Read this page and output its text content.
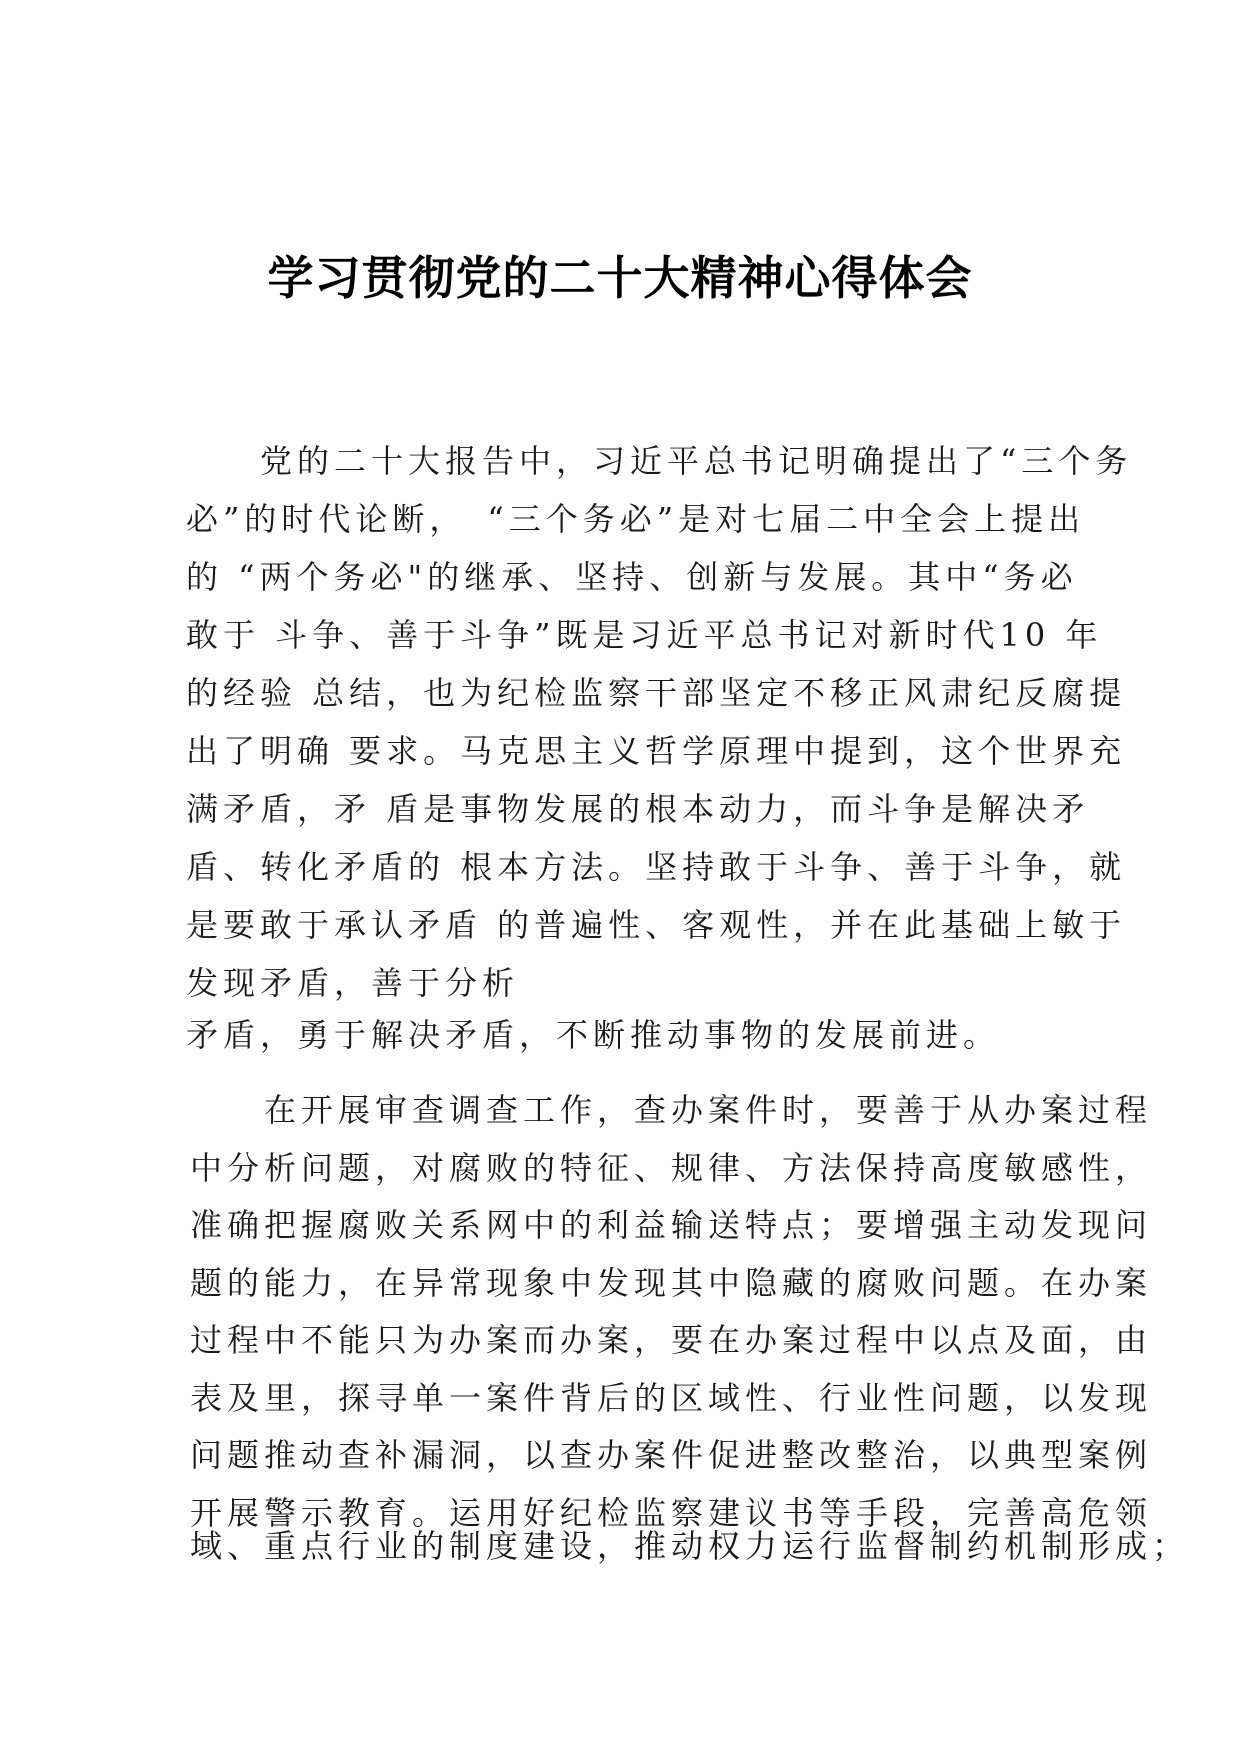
学习贯彻党的二十大精神心得体会
　　党的二十大报告中，习近平总书记明确提出了“三个务
必”的时代论断，　“三个务必”是对七届二中全会上提出
的 “两个务必"的继承、坚持、创新与发展。其中“务必
敢于 斗争、善于斗争”既是习近平总书记对新时代10 年
的经验 总结，也为纪检监察干部坚定不移正风肃纪反腐提
出了明确 要求。马克思主义哲学原理中提到，这个世界充
满矛盾，矛 盾是事物发展的根本动力，而斗争是解决矛
盾、转化矛盾的 根本方法。坚持敢于斗争、善于斗争，就
是要敢于承认矛盾 的普遍性、客观性，并在此基础上敏于
发现矛盾，善于分析
矛盾，勇于解决矛盾，不断推动事物的发展前进。
　　在开展审查调查工作，查办案件时，要善于从办案过程
中分析问题，对腐败的特征、规律、方法保持高度敏感性，
准确把握腐败关系网中的利益输送特点；要增强主动发现问
题的能力，在异常现象中发现其中隐藏的腐败问题。在办案
过程中不能只为办案而办案，要在办案过程中以点及面，由
表及里，探寻单一案件背后的区域性、行业性问题，以发现
问题推动查补漏洞，以查办案件促进整改整治，以典型案例
开展警示教育。运用好纪检监察建议书等手段，完善高危领
域、重点行业的制度建设，推动权力运行监督制约机制形成；
